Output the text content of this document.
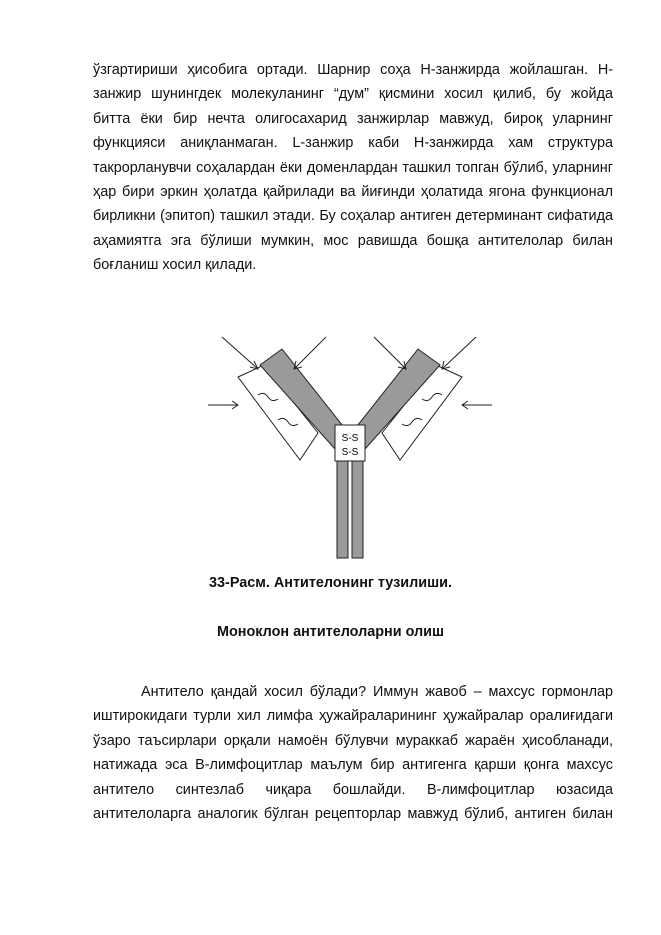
ўзгартириши ҳисобига ортади. Шарнир соҳа H-занжирда жойлашган. H-
занжир шунингдек молекуланинг “дум” қисмини хосил қилиб, бу жойда
битта ёки бир нечта олигосахарид занжирлар мавжуд, бироқ уларнинг
функцияси аниқланмаган. L-занжир каби H-занжирда хам структура
такрорланувчи соҳалардан ёки доменлардан ташкил топган бўлиб, уларнинг
ҳар бири эркин ҳолатда қайрилади ва йиғинди ҳолатида ягона функционал
бирликни (эпитоп) ташкил этади. Бу соҳалар антиген детерминант сифатида
аҳамиятга эга бўлиши мумкин, мос равишда бошқа антителолар билан
боғланиш хосил қилади.
S-S
S-S
33-Расм. Антителонинг тузилиши.
Моноклон антителоларни олиш
Антитело қандай хосил бўлади? Иммун жавоб – махсус гормонлар
иштирокидаги турли хил лимфа ҳужайраларининг ҳужайралар оралиғидаги
ўзаро таъсирлари орқали намоён бўлувчи мураккаб жараён ҳисобланади,
натижада эса В-лимфоцитлар маълум бир антигенга қарши қонга махсус
антитело синтезлаб чиқара бошлайди. В-лимфоцитлар юзасида
антителоларга аналогик бўлган рецепторлар мавжуд бўлиб, антиген билан
